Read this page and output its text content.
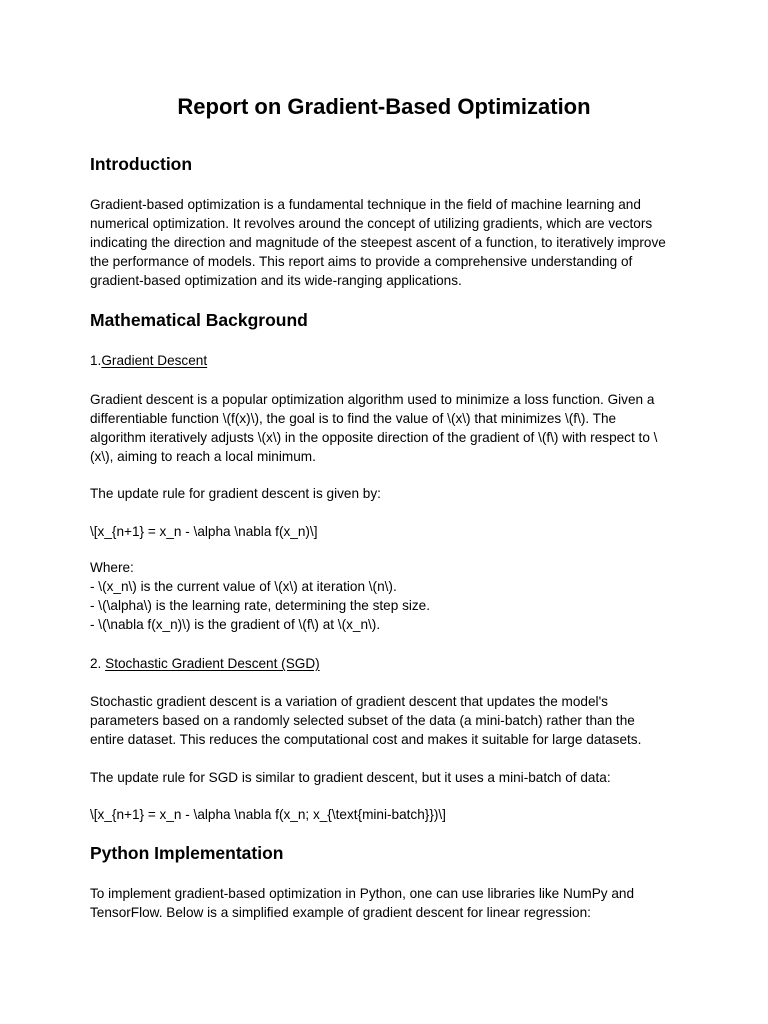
Report on Gradient-Based Optimization
Introduction
Gradient-based optimization is a fundamental technique in the field of machine learning and
numerical optimization. It revolves around the concept of utilizing gradients, which are vectors
indicating the direction and magnitude of the steepest ascent of a function, to iteratively improve
the performance of models. This report aims to provide a comprehensive understanding of
gradient-based optimization and its wide-ranging applications.
Mathematical Background
1.Gradient Descent
Gradient descent is a popular optimization algorithm used to minimize a loss function. Given a
differentiable function \(f(x)\), the goal is to find the value of \(x\) that minimizes \(f\). The
algorithm iteratively adjusts \(x\) in the opposite direction of the gradient of \(f\) with respect to \
(x\), aiming to reach a local minimum.
The update rule for gradient descent is given by:
\[x_{n+1} = x_n - \alpha \nabla f(x_n)\]
Where:
- \(x_n\) is the current value of \(x\) at iteration \(n\).
- \(\alpha\) is the learning rate, determining the step size.
- \(\nabla f(x_n)\) is the gradient of \(f\) at \(x_n\).
2. Stochastic Gradient Descent (SGD)
Stochastic gradient descent is a variation of gradient descent that updates the model's
parameters based on a randomly selected subset of the data (a mini-batch) rather than the
entire dataset. This reduces the computational cost and makes it suitable for large datasets.
The update rule for SGD is similar to gradient descent, but it uses a mini-batch of data:
\[x_{n+1} = x_n - \alpha \nabla f(x_n; x_{\text{mini-batch}})\]
Python Implementation
To implement gradient-based optimization in Python, one can use libraries like NumPy and
TensorFlow. Below is a simplified example of gradient descent for linear regression:
